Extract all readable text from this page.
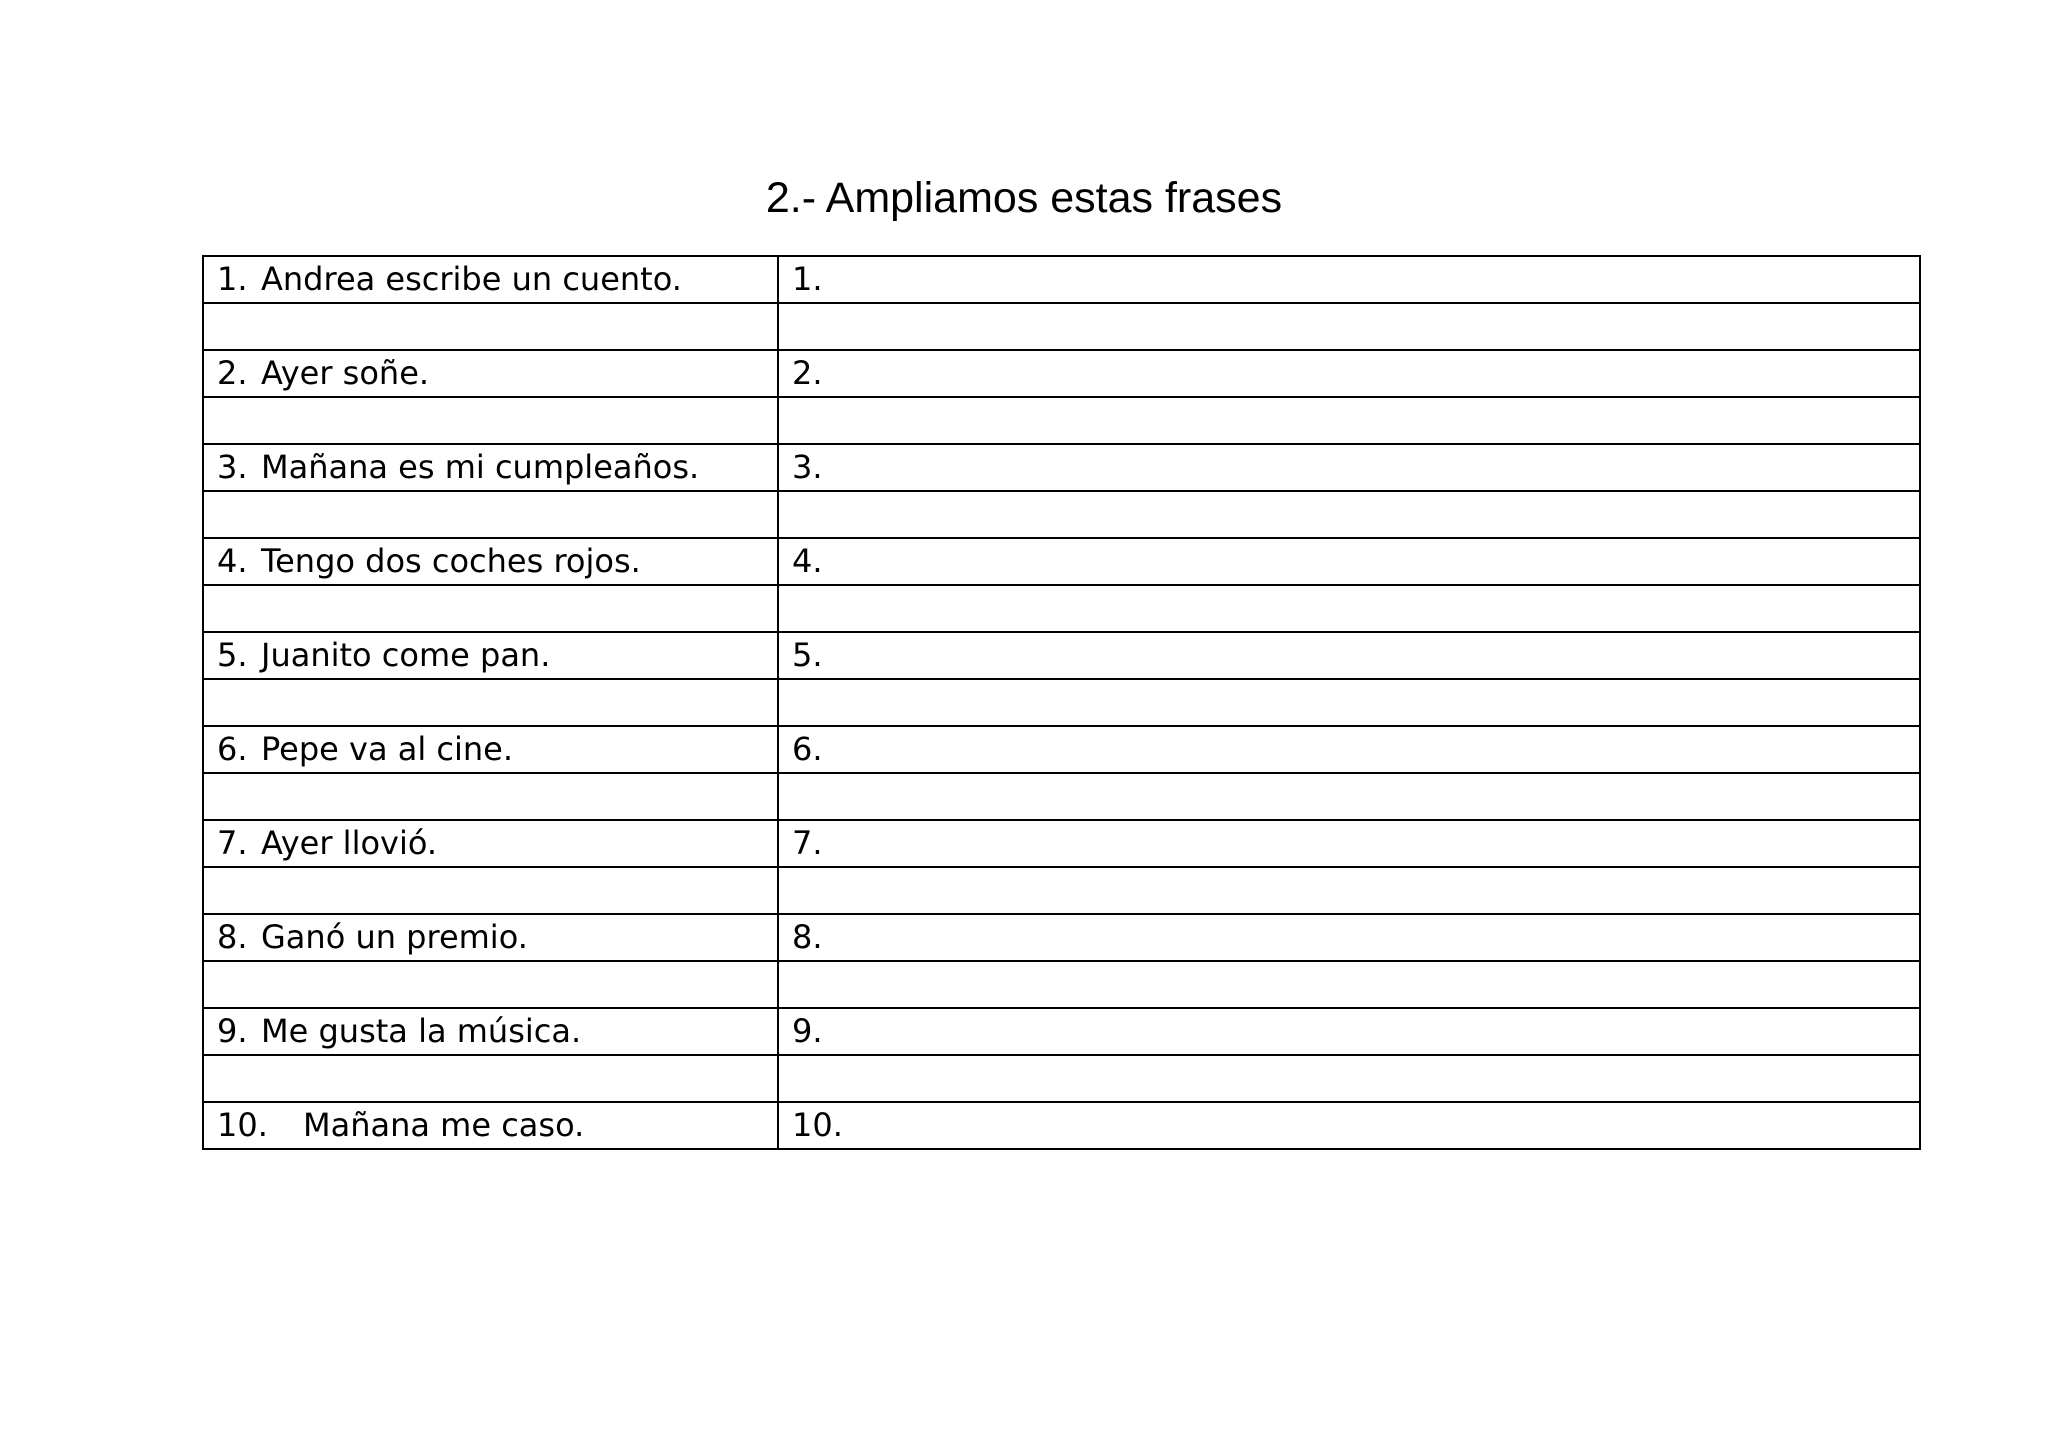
2.- Ampliamos estas frases
1. Andrea escribe un cuento.	1.

2. Ayer soñe.	2.

3. Mañana es mi cumpleaños.	3.

4. Tengo dos coches rojos.	4.

5. Juanito come pan.	5.

6. Pepe va al cine.	6.

7. Ayer llovió.	7.

8. Ganó un premio.	8.

9. Me gusta la música.	9.

10. Mañana me caso.	10.
